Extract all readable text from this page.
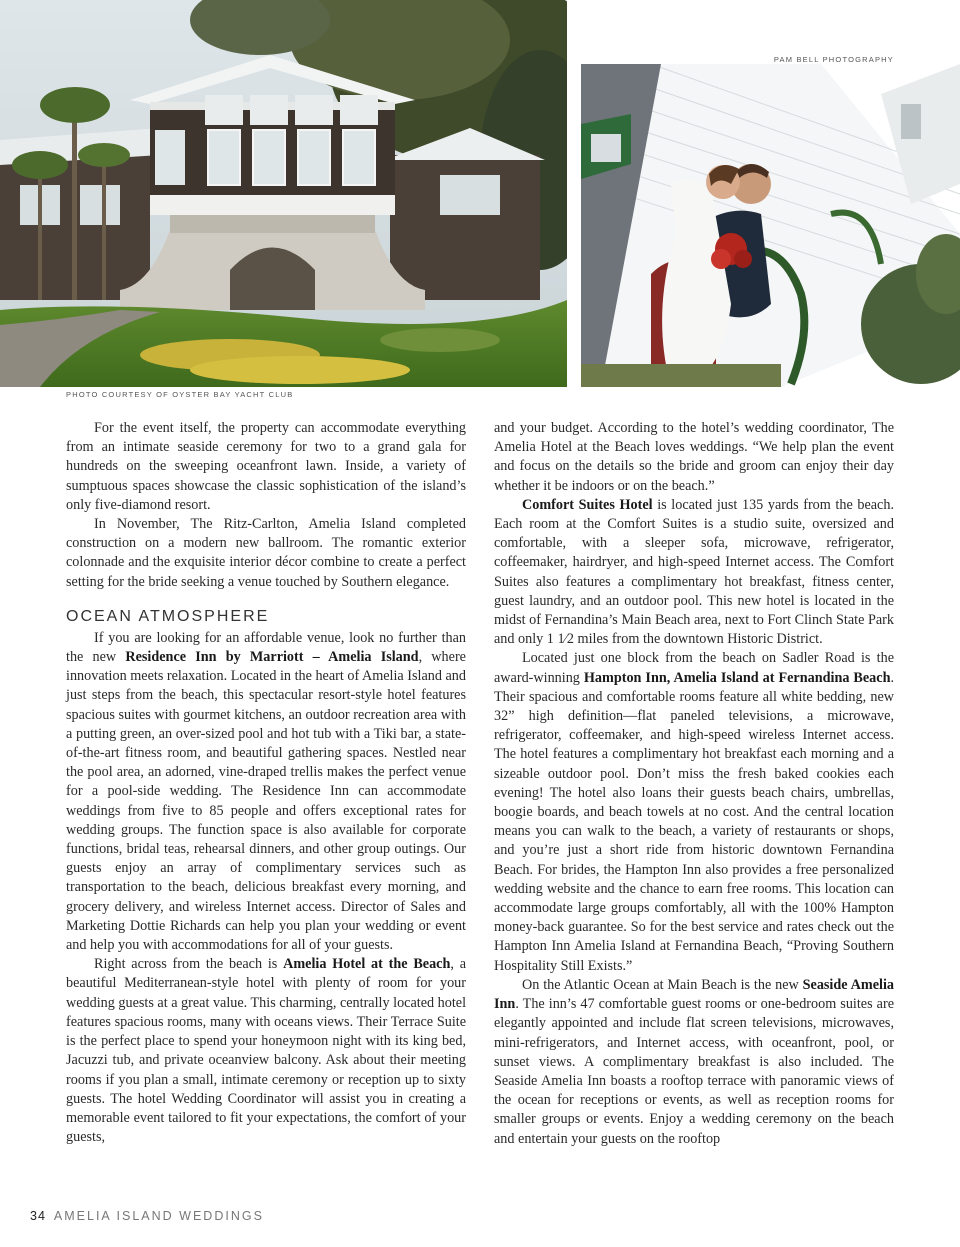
PHOTO COURTESY OF OYSTER BAY YACHT CLUB
PAM BELL PHOTOGRAPHY

For the event itself, the property can accommodate everything from an intimate seaside ceremony for two to a grand gala for hundreds on the sweeping oceanfront lawn. Inside, a variety of sumptuous spaces showcase the classic sophistication of the island’s only five-diamond resort.

In November, The Ritz-Carlton, Amelia Island completed construction on a modern new ballroom. The romantic exterior colonnade and the exquisite interior décor combine to create a perfect setting for the bride seeking a venue touched by Southern elegance.

OCEAN ATMOSPHERE

If you are looking for an affordable venue, look no further than the new Residence Inn by Marriott – Amelia Island, where innovation meets relaxation. Located in the heart of Amelia Island and just steps from the beach, this spectacular resort-style hotel features spacious suites with gourmet kitchens, an outdoor recreation area with a putting green, an over-sized pool and hot tub with a Tiki bar, a state-of-the-art fitness room, and beautiful gathering spaces. Nestled near the pool area, an adorned, vine-draped trellis makes the perfect venue for a pool-side wedding. The Residence Inn can accommodate weddings from five to 85 people and offers exceptional rates for wedding groups. The function space is also available for corporate functions, bridal teas, rehearsal dinners, and other group outings. Our guests enjoy an array of complimentary services such as transportation to the beach, delicious breakfast every morning, and grocery delivery, and wireless Internet access. Director of Sales and Marketing Dottie Richards can help you plan your wedding or event and help you with accommodations for all of your guests.

Right across from the beach is Amelia Hotel at the Beach, a beautiful Mediterranean-style hotel with plenty of room for your wedding guests at a great value. This charming, centrally located hotel features spacious rooms, many with oceans views. Their Terrace Suite is the perfect place to spend your honeymoon night with its king bed, Jacuzzi tub, and private oceanview balcony. Ask about their meeting rooms if you plan a small, intimate ceremony or reception up to sixty guests. The hotel Wedding Coordinator will assist you in creating a memorable event tailored to fit your expectations, the comfort of your guests,

and your budget. According to the hotel’s wedding coordinator, The Amelia Hotel at the Beach loves weddings. “We help plan the event and focus on the details so the bride and groom can enjoy their day whether it be indoors or on the beach.”

Comfort Suites Hotel is located just 135 yards from the beach. Each room at the Comfort Suites is a studio suite, oversized and comfortable, with a sleeper sofa, microwave, refrigerator, coffeemaker, hairdryer, and high-speed Internet access. The Comfort Suites also features a complimentary hot breakfast, fitness center, guest laundry, and an outdoor pool. This new hotel is located in the midst of Fernandina’s Main Beach area, next to Fort Clinch State Park and only 1 1⁄2 miles from the downtown Historic District.

Located just one block from the beach on Sadler Road is the award-winning Hampton Inn, Amelia Island at Fernandina Beach. Their spacious and comfortable rooms feature all white bedding, new 32” high definition—flat paneled televisions, a microwave, refrigerator, coffeemaker, and high-speed wireless Internet access. The hotel features a complimentary hot breakfast each morning and a sizeable outdoor pool. Don’t miss the fresh baked cookies each evening! The hotel also loans their guests beach chairs, umbrellas, boogie boards, and beach towels at no cost. And the central location means you can walk to the beach, a variety of restaurants or shops, and you’re just a short ride from historic downtown Fernandina Beach. For brides, the Hampton Inn also provides a free personalized wedding website and the chance to earn free rooms. This location can accommodate large groups comfortably, all with the 100% Hampton money-back guarantee. So for the best service and rates check out the Hampton Inn Amelia Island at Fernandina Beach, “Proving Southern Hospitality Still Exists.”

On the Atlantic Ocean at Main Beach is the new Seaside Amelia Inn. The inn’s 47 comfortable guest rooms or one-bedroom suites are elegantly appointed and include flat screen televisions, microwaves, mini-refrigerators, and Internet access, with oceanfront, pool, or sunset views. A complimentary breakfast is also included. The Seaside Amelia Inn boasts a rooftop terrace with panoramic views of the ocean for receptions or events, as well as reception rooms for smaller groups or events. Enjoy a wedding ceremony on the beach and entertain your guests on the rooftop

34 AMELIA ISLAND WEDDINGS
